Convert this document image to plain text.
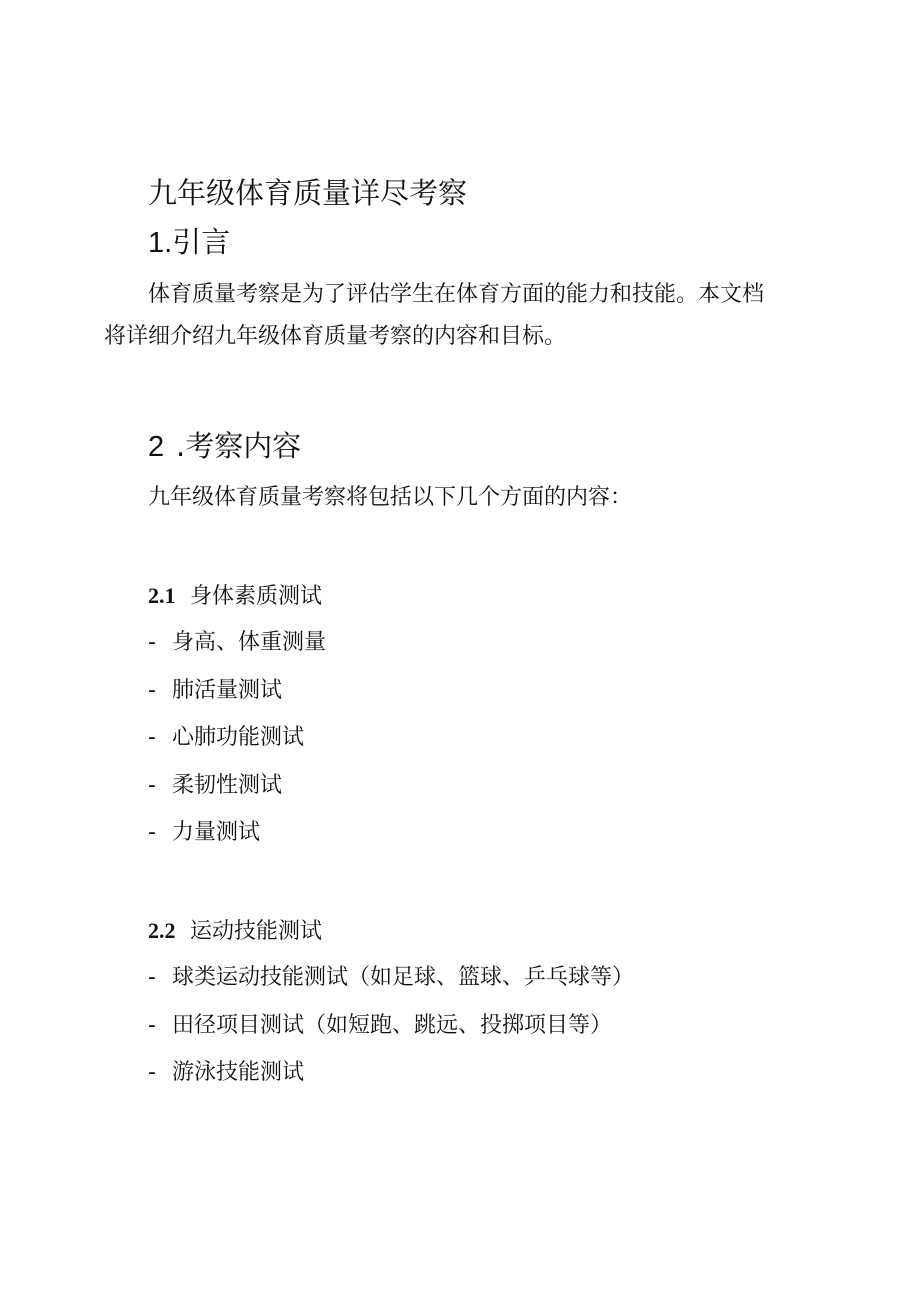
九年级体育质量详尽考察
1.引言

体育质量考察是为了评估学生在体育方面的能力和技能。本文档
将详细介绍九年级体育质量考察的内容和目标。

2 .考察内容

九年级体育质量考察将包括以下几个方面的内容：

2.1 身体素质测试

- 身高、体重测量

- 肺活量测试

- 心肺功能测试

- 柔韧性测试

- 力量测试

2.2 运动技能测试

- 球类运动技能测试（如足球、篮球、乒乓球等）

- 田径项目测试（如短跑、跳远、投掷项目等）

- 游泳技能测试
